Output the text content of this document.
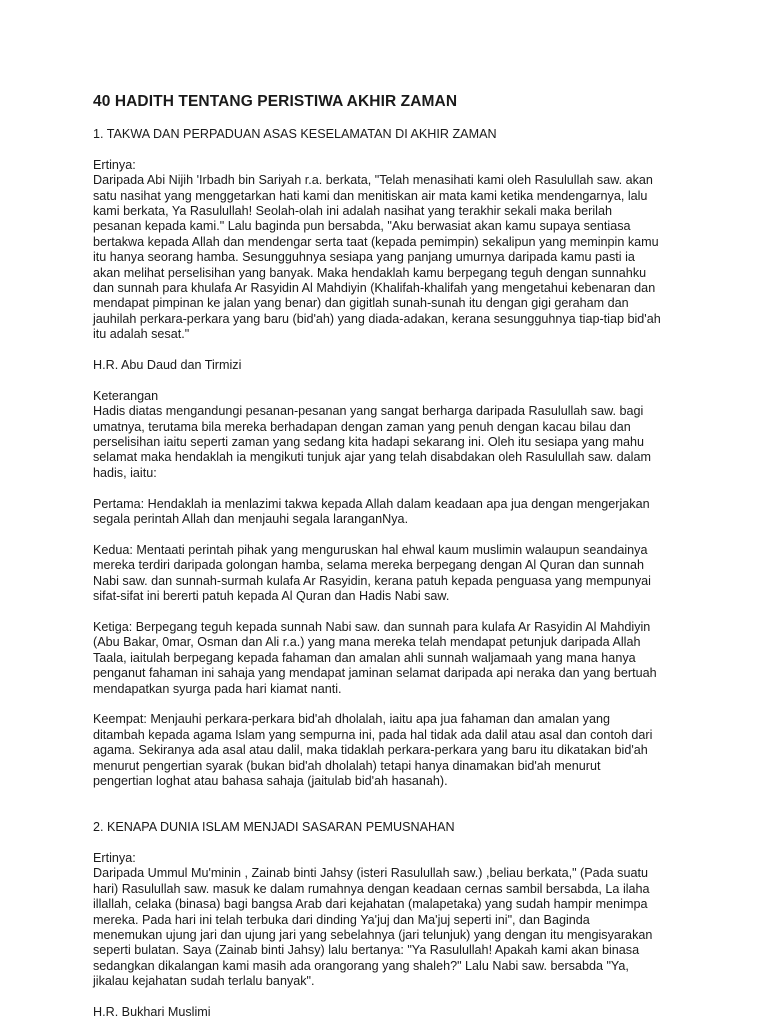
40 HADITH TENTANG PERISTIWA AKHIR ZAMAN

1. TAKWA DAN PERPADUAN ASAS KESELAMATAN DI AKHIR ZAMAN

Ertinya:

Daripada Abi Nijih 'Irbadh bin Sariyah r.a. berkata, "Telah menasihati kami oleh Rasulullah saw. akan
satu nasihat yang menggetarkan hati kami dan menitiskan air mata kami ketika mendengarnya, lalu
kami berkata, Ya Rasulullah! Seolah-olah ini adalah nasihat yang terakhir sekali maka berilah
pesanan kepada kami." Lalu baginda pun bersabda, "Aku berwasiat akan kamu supaya sentiasa
bertakwa kepada Allah dan mendengar serta taat (kepada pemimpin) sekalipun yang meminpin kamu
itu hanya seorang hamba. Sesungguhnya sesiapa yang panjang umurnya daripada kamu pasti ia
akan melihat perselisihan yang banyak. Maka hendaklah kamu berpegang teguh dengan sunnahku
dan sunnah para khulafa Ar Rasyidin Al Mahdiyin (Khalifah-khalifah yang mengetahui kebenaran dan
mendapat pimpinan ke jalan yang benar) dan gigitlah sunah-sunah itu dengan gigi geraham dan
jauhilah perkara-perkara yang baru (bid'ah) yang diada-adakan, kerana sesungguhnya tiap-tiap bid'ah
itu adalah sesat."

H.R. Abu Daud dan Tirmizi

Keterangan

Hadis diatas mengandungi pesanan-pesanan yang sangat berharga daripada Rasulullah saw. bagi
umatnya, terutama bila mereka berhadapan dengan zaman yang penuh dengan kacau bilau dan
perselisihan iaitu seperti zaman yang sedang kita hadapi sekarang ini. Oleh itu sesiapa yang mahu
selamat maka hendaklah ia mengikuti tunjuk ajar yang telah disabdakan oleh Rasulullah saw. dalam
hadis, iaitu:

Pertama: Hendaklah ia menlazimi takwa kepada Allah dalam keadaan apa jua dengan mengerjakan
segala perintah Allah dan menjauhi segala laranganNya.

Kedua: Mentaati perintah pihak yang menguruskan hal ehwal kaum muslimin walaupun seandainya
mereka terdiri daripada golongan hamba, selama mereka berpegang dengan Al Quran dan sunnah
Nabi saw. dan sunnah-surmah kulafa Ar Rasyidin, kerana patuh kepada penguasa yang mempunyai
sifat-sifat ini bererti patuh kepada Al Quran dan Hadis Nabi saw.

Ketiga: Berpegang teguh kepada sunnah Nabi saw. dan sunnah para kulafa Ar Rasyidin Al Mahdiyin
(Abu Bakar, 0mar, Osman dan Ali r.a.) yang mana mereka telah mendapat petunjuk daripada Allah
Taala, iaitulah berpegang kepada fahaman dan amalan ahli sunnah waljamaah yang mana hanya
penganut fahaman ini sahaja yang mendapat jaminan selamat daripada api neraka dan yang bertuah
mendapatkan syurga pada hari kiamat nanti.

Keempat: Menjauhi perkara-perkara bid'ah dholalah, iaitu apa jua fahaman dan amalan yang
ditambah kepada agama Islam yang sempurna ini, pada hal tidak ada dalil atau asal dan contoh dari
agama. Sekiranya ada asal atau dalil, maka tidaklah perkara-perkara yang baru itu dikatakan bid'ah
menurut pengertian syarak (bukan bid'ah dholalah) tetapi hanya dinamakan bid'ah menurut
pengertian loghat atau bahasa sahaja (jaitulab bid'ah hasanah).

2. KENAPA DUNIA ISLAM MENJADI SASARAN PEMUSNAHAN

Ertinya:

Daripada Ummul Mu'minin , Zainab binti Jahsy (isteri Rasulullah saw.) ,beliau berkata," (Pada suatu
hari) Rasulullah saw. masuk ke dalam rumahnya dengan keadaan cernas sambil bersabda, La ilaha
illallah, celaka (binasa) bagi bangsa Arab dari kejahatan (malapetaka) yang sudah hampir menimpa
mereka. Pada hari ini telah terbuka dari dinding Ya'juj dan Ma'juj seperti ini", dan Baginda
menemukan ujung jari dan ujung jari yang sebelahnya (jari telunjuk) yang dengan itu mengisyarakan
seperti bulatan. Saya (Zainab binti Jahsy) lalu bertanya: "Ya Rasulullah! Apakah kami akan binasa
sedangkan dikalangan kami masih ada orangorang yang shaleh?" Lalu Nabi saw. bersabda "Ya,
jikalau kejahatan sudah terlalu banyak".

H.R. Bukhari Muslimi
